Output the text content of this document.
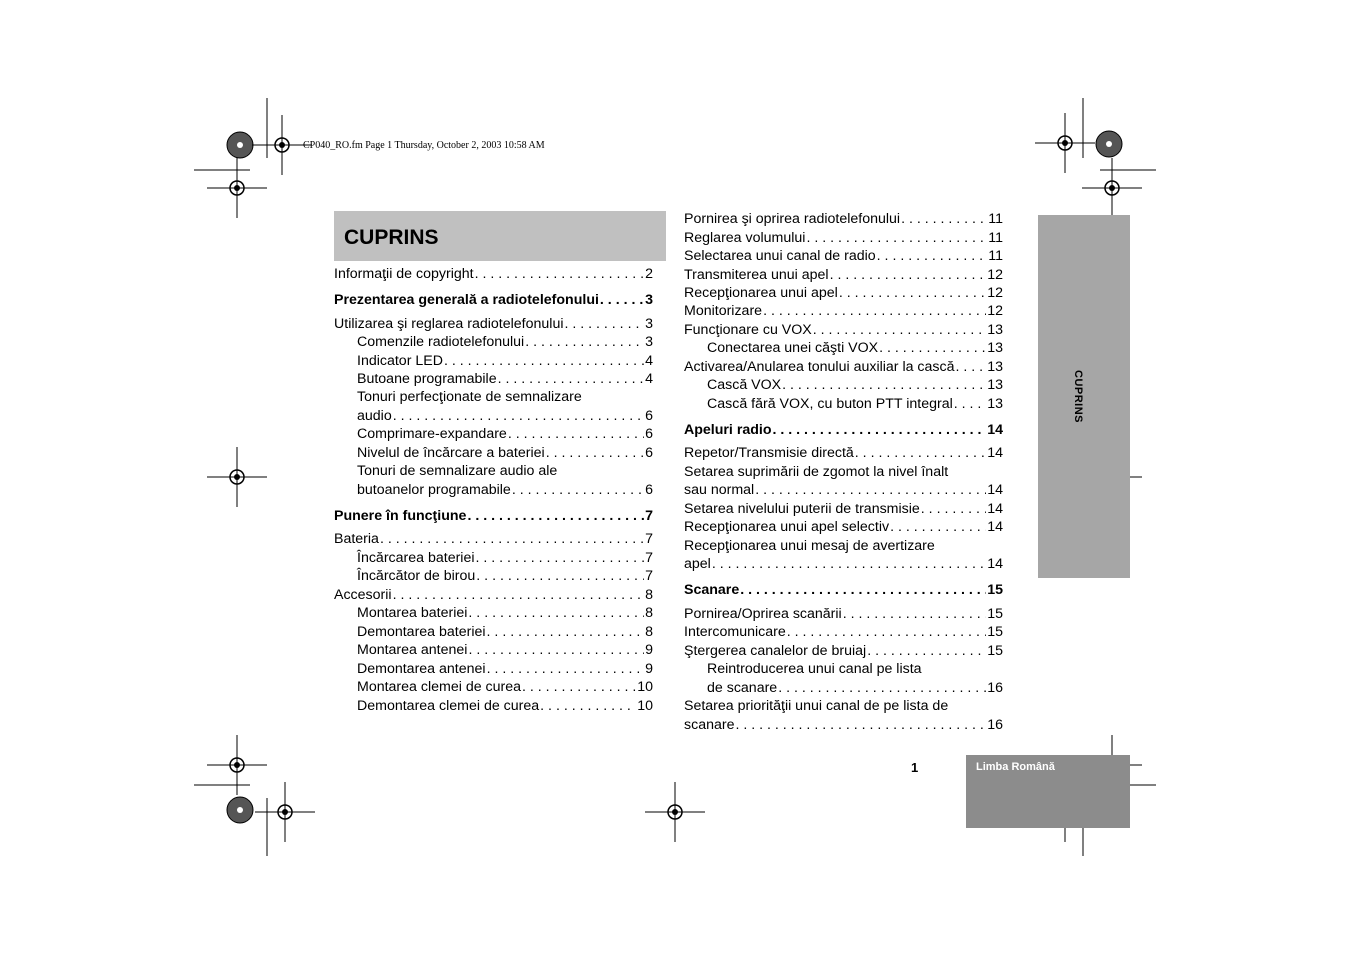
CP040_RO.fm Page 1 Thursday, October 2, 2003 10:58 AM
CUPRINS
Informaţii de copyright . . .	2
Prezentarea generală a radiotelefonului . . .	3
Utilizarea şi reglarea radiotelefonului . . .	3
Comenzile radiotelefonului . . .	3
Indicator LED . . .	4
Butoane programabile . . .	4
Tonuri perfecţionate de semnalizare
audio . . .	6
Comprimare-expandare . . .	6
Nivelul de încărcare a bateriei . . .	6
Tonuri de semnalizare audio ale
butoanelor programabile . . .	6
Punere în funcţiune . . .	7
Bateria . . .	7
Încărcarea bateriei . . .	7
Încărcător de birou . . .	7
Accesorii . . .	8
Montarea bateriei . . .	8
Demontarea bateriei . . .	8
Montarea antenei . . .	9
Demontarea antenei . . .	9
Montarea clemei de curea . . .	10
Demontarea clemei de curea . . .	10
Pornirea şi oprirea radiotelefonului . . .	11
Reglarea volumului . . .	11
Selectarea unui canal de radio . . .	11
Transmiterea unui apel . . .	12
Recepţionarea unui apel . . .	12
Monitorizare . . .	12
Funcţionare cu VOX . . .	13
Conectarea unei căşti VOX . . .	13
Activarea/Anularea tonului auxiliar la cască . . . 13
Cască VOX . . .	13
Cască fără VOX, cu buton PTT integral . . . 13
Apeluri radio . . .	14
Repetor/Transmisie directă . . .	14
Setarea suprimării de zgomot la nivel înalt
sau normal . . .	14
Setarea nivelului puterii de transmisie . . .	14
Recepţionarea unui apel selectiv . . .	14
Recepţionarea unui mesaj de avertizare
apel . . .	14
Scanare . . .	15
Pornirea/Oprirea scanării . . .	15
Intercomunicare . . .	15
Ştergerea canalelor de bruiaj . . .	15
Reintroducerea unui canal pe lista
de scanare . . .	16
Setarea priorităţii unui canal de pe lista de
scanare . . .	16
CUPRINS
1	Limba Română
